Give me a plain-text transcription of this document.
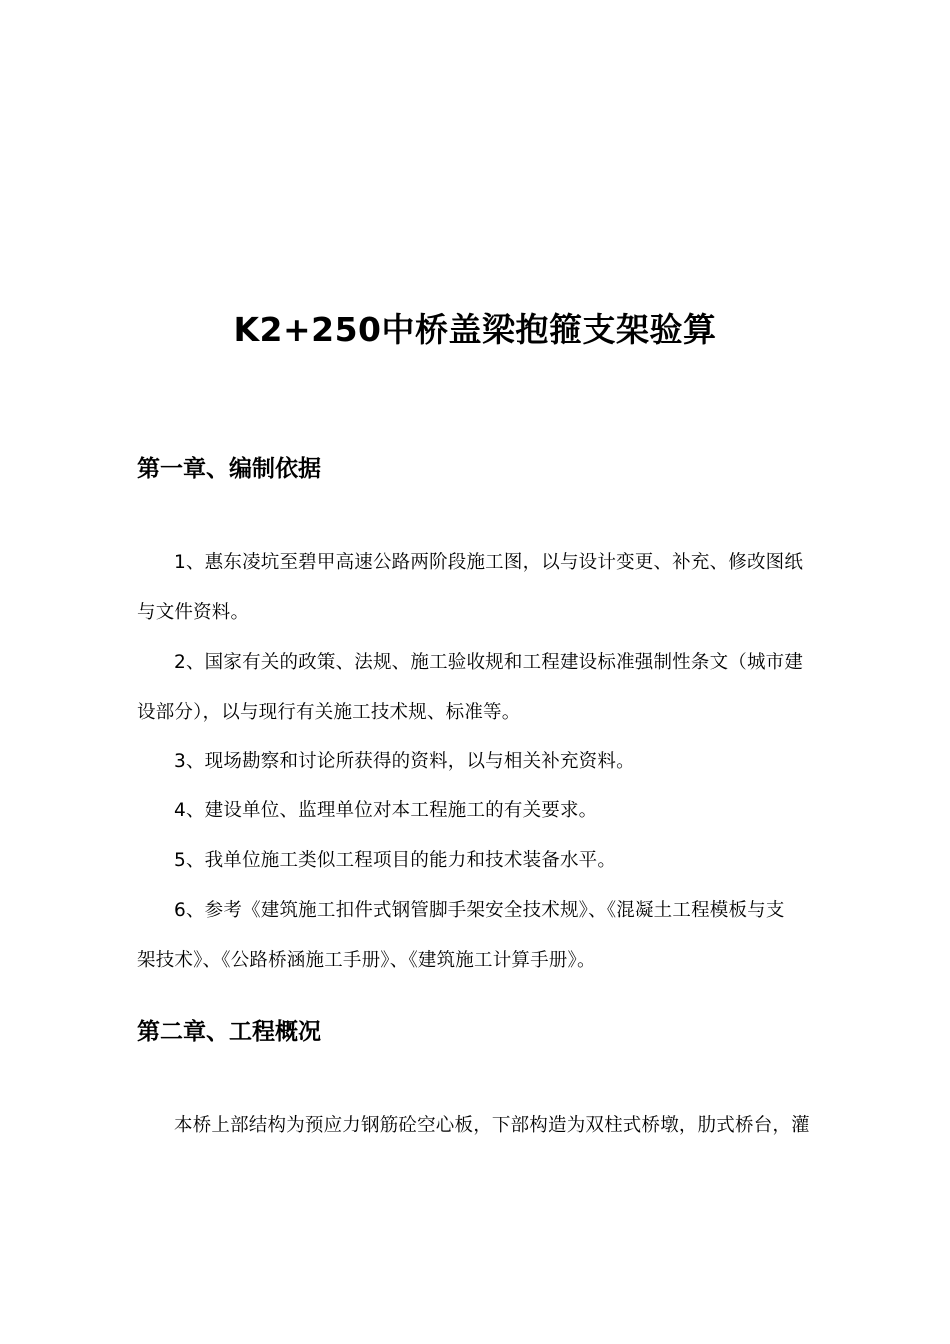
K2+250中桥盖梁抱箍支架验算
第一章、编制依据

1、惠东凌坑至碧甲高速公路两阶段施工图，以与设计变更、补充、修改图纸
与文件资料。

2、国家有关的政策、法规、施工验收规和工程建设标准强制性条文（城市建
设部分），以与现行有关施工技术规、标准等。

3、现场勘察和讨论所获得的资料，以与相关补充资料。

4、建设单位、监理单位对本工程施工的有关要求。

5、我单位施工类似工程项目的能力和技术装备水平。

6、参考《建筑施工扣件式钢管脚手架安全技术规》、《混凝土工程模板与支
架技术》、《公路桥涵施工手册》、《建筑施工计算手册》。

第二章、工程概况

本桥上部结构为预应力钢筋砼空心板，下部构造为双柱式桥墩，肋式桥台，灌
